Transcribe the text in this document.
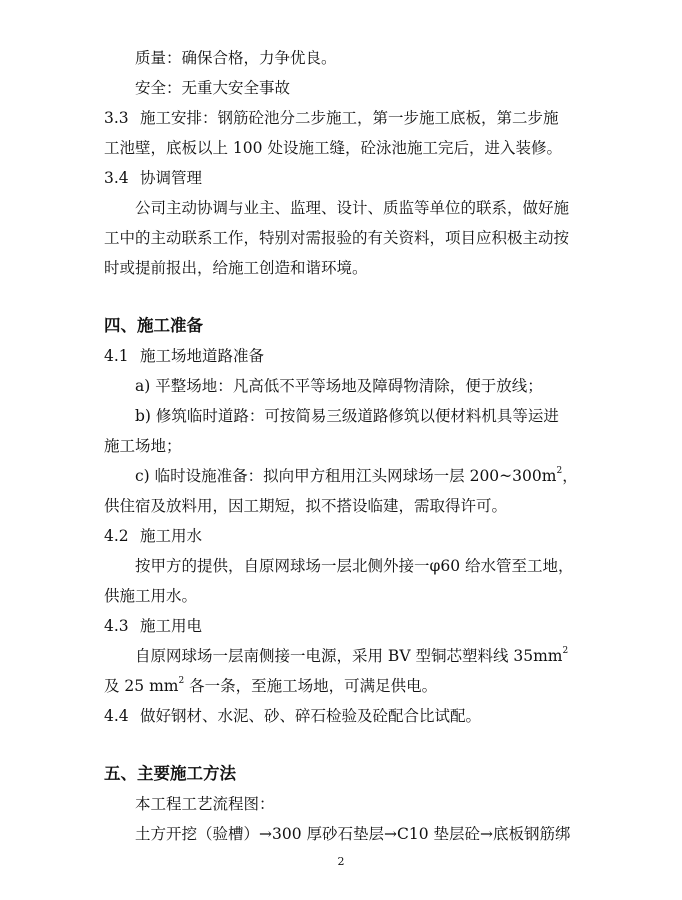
质量：确保合格，力争优良。
安全：无重大安全事故
3.3 施工安排：钢筋砼池分二步施工，第一步施工底板，第二步施
工池壁，底板以上 100 处设施工缝，砼泳池施工完后，进入装修。
3.4 协调管理
公司主动协调与业主、监理、设计、质监等单位的联系，做好施
工中的主动联系工作，特别对需报验的有关资料，项目应积极主动按
时或提前报出，给施工创造和谐环境。
四、施工准备
4.1 施工场地道路准备
a) 平整场地：凡高低不平等场地及障碍物清除，便于放线；
b) 修筑临时道路：可按简易三级道路修筑以便材料机具等运进
施工场地；
c) 临时设施准备：拟向甲方租用江头网球场一层 $200\sim 300m^2$，
供住宿及放料用，因工期短，拟不搭设临建，需取得许可。
4.2 施工用水
按甲方的提供，自原网球场一层北侧外接一φ60 给水管至工地，
供施工用水。
4.3 施工用电
自原网球场一层南侧接一电源，采用 BV 型铜芯塑料线 $35mm^2$
及 25 $mm^2$ 各一条，至施工场地，可满足供电。
4.4 做好钢材、水泥、砂、碎石检验及砼配合比试配。
五、主要施工方法
本工程工艺流程图：
土方开挖（验槽）→300 厚砂石垫层→C10 垫层砼→底板钢筋绑
2
